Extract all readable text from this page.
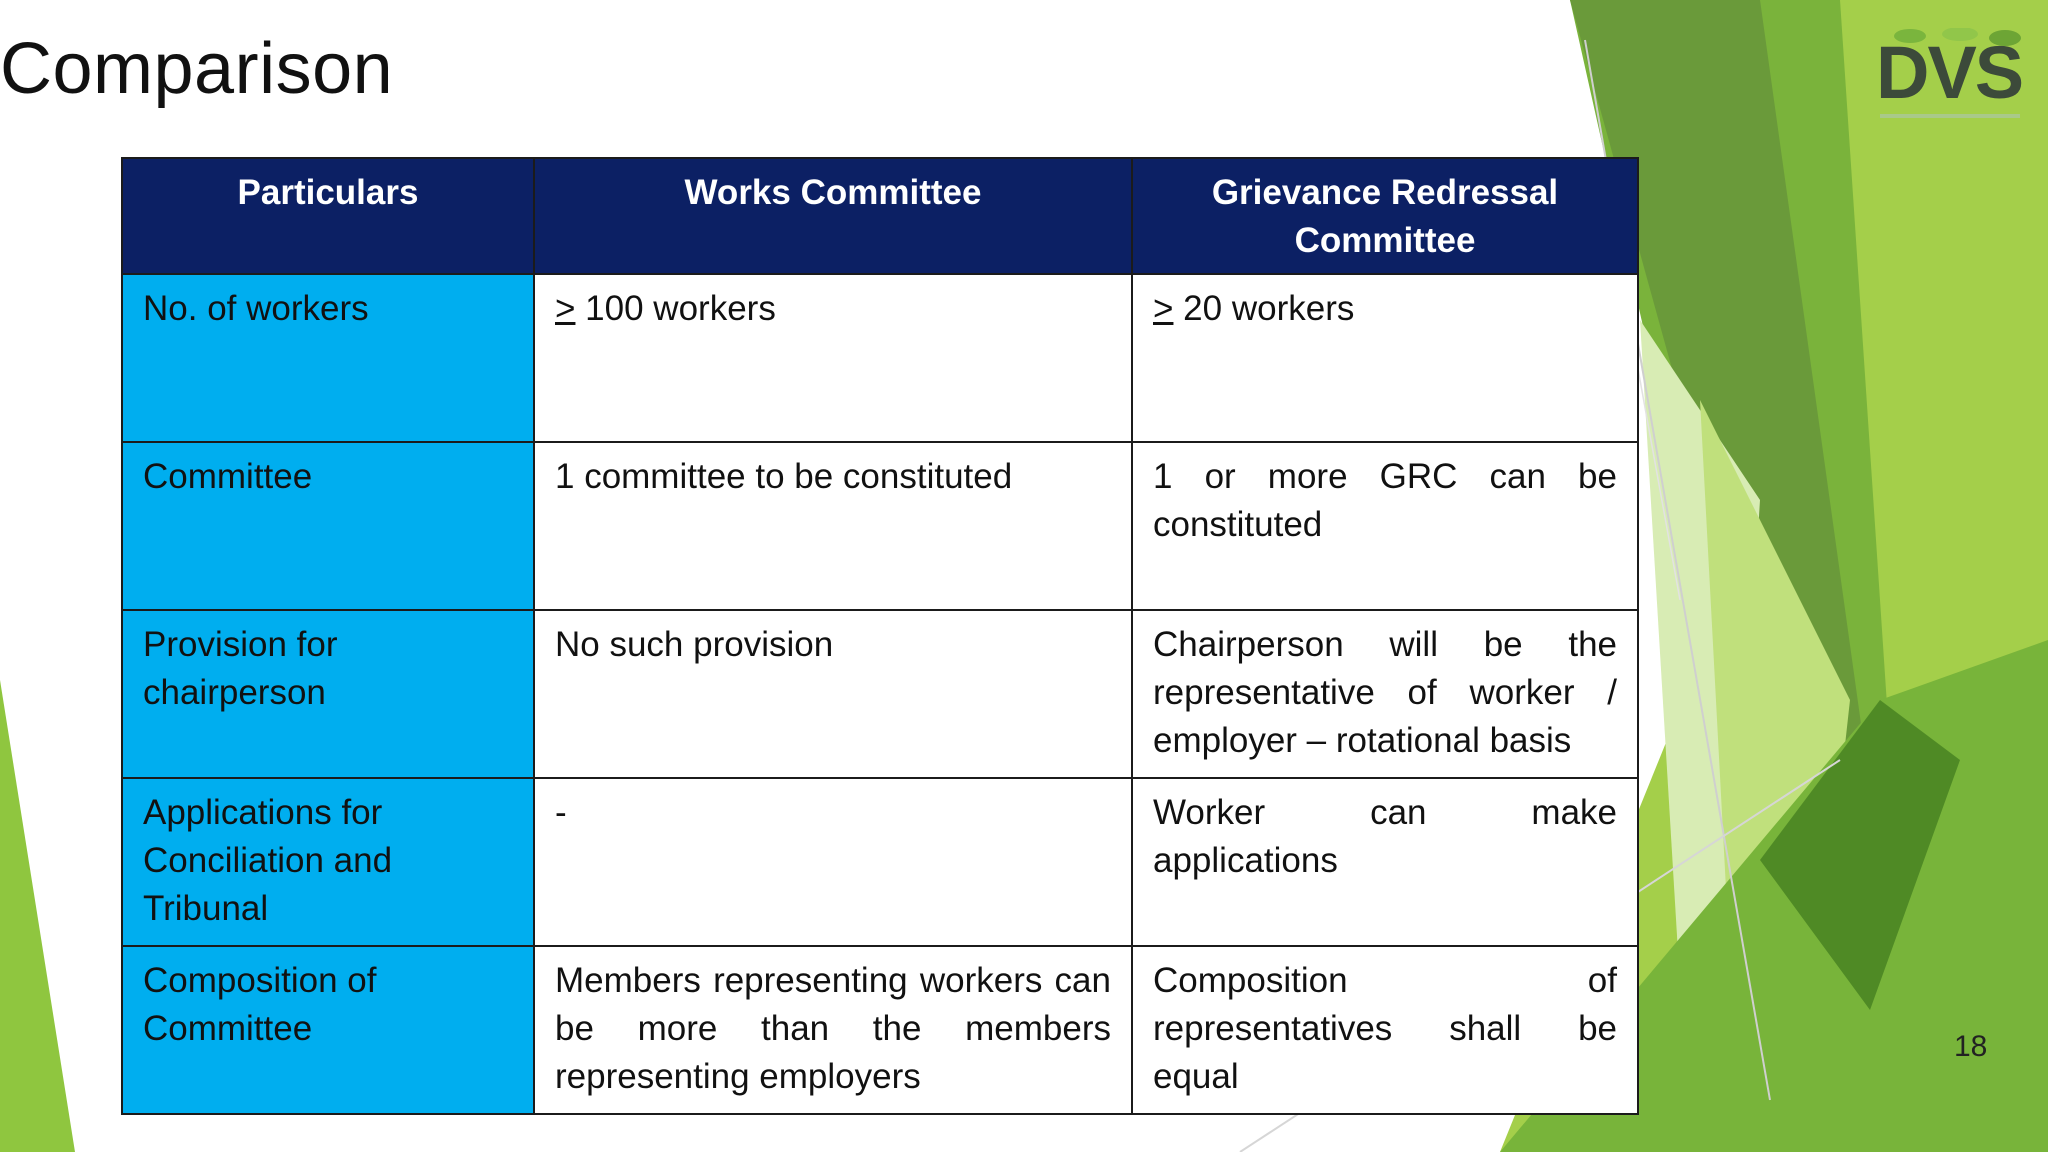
Comparison	DVS
Particulars	Works Committee	Grievance Redressal Committee
No. of workers	≥ 100 workers	≥ 20 workers
Committee	1 committee to be constituted	1 or more GRC can be constituted
Provision for chairperson	No such provision	Chairperson will be the representative of worker / employer – rotational basis
Applications for Conciliation and Tribunal	-	Worker can make applications
Composition of Committee	Members representing workers can be more than the members representing employers	Composition of representatives shall be equal
18
